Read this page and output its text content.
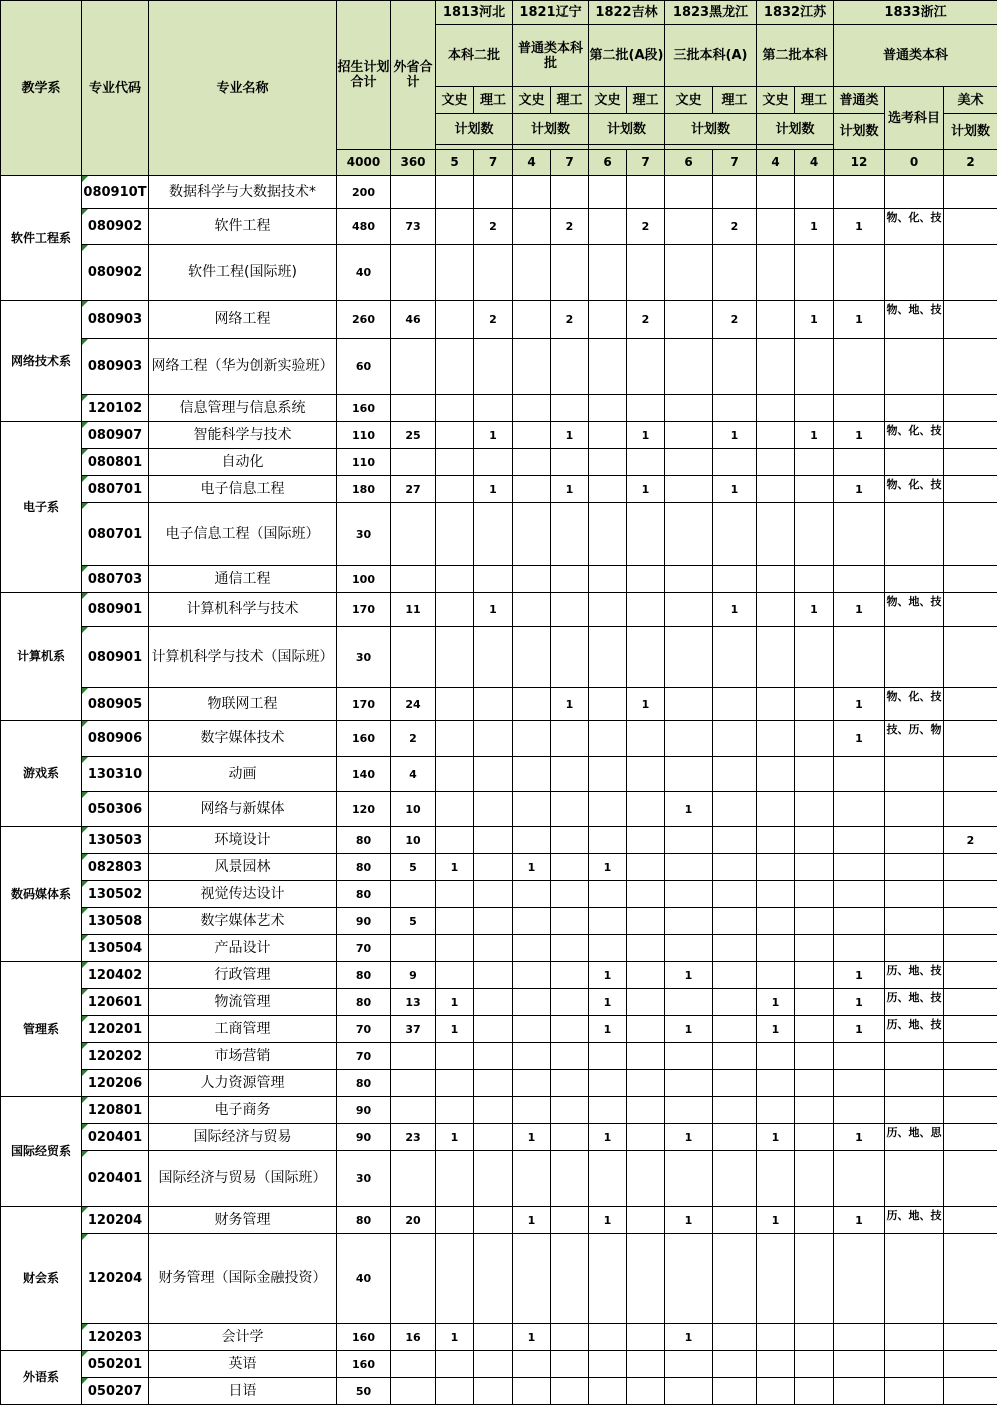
教学系	专业代码	专业名称	招生计划合计	外省合计	1813河北		1821辽宁		1822吉林		1823黑龙江		1832江苏		1833浙江		
					本科二批		普通类本科批		第二批(A段)		三批本科(A)		第二批本科		普通类本科		
					文史	理工	文史	理工	文史	理工	文史	理工	文史	理工	普通类	选考科目	美术
					计划数		计划数		计划数		计划数		计划数		计划数		计划数

			4000	360	5	7	4	7	6	7	6	7	4	4	12	0	2
软件工程系	080910T	数据科学与大数据技术*	200														
	080902	软件工程	480	73		2		2		2		2		1	1	物、化、技	
	080902	软件工程(国际班)	40														
网络技术系	080903	网络工程	260	46		2		2		2		2		1	1	物、地、技	
	080903	网络工程（华为创新实验班）	60														
	120102	信息管理与信息系统	160														
电子系	080907	智能科学与技术	110	25		1		1		1		1		1	1	物、化、技	
	080801	自动化	110														
	080701	电子信息工程	180	27		1		1		1		1			1	物、化、技	
	080701	电子信息工程（国际班）	30														
	080703	通信工程	100														
计算机系	080901	计算机科学与技术	170	11		1						1		1	1	物、地、技	
	080901	计算机科学与技术（国际班）	30														
	080905	物联网工程	170	24				1		1					1	物、化、技	
游戏系	080906	数字媒体技术	160	2											1	技、历、物	
	130310	动画	140	4													
	050306	网络与新媒体	120	10							1						
数码媒体系	130503	环境设计	80	10													2
	082803	风景园林	80	5	1		1		1								
	130502	视觉传达设计	80														
	130508	数字媒体艺术	90	5													
	130504	产品设计	70														
管理系	120402	行政管理	80	9					1		1				1	历、地、技	
	120601	物流管理	80	13	1				1				1		1	历、地、技	
	120201	工商管理	70	37	1				1		1		1		1	历、地、技	
	120202	市场营销	70														
	120206	人力资源管理	80														
国际经贸系	120801	电子商务	90														
	020401	国际经济与贸易	90	23	1		1		1		1		1		1	历、地、思	
	020401	国际经济与贸易（国际班）	30														
财会系	120204	财务管理	80	20			1		1		1		1		1	历、地、技	
	120204	财务管理（国际金融投资）	40														
	120203	会计学	160	16	1		1				1						
外语系	050201	英语	160														
	050207	日语	50														
